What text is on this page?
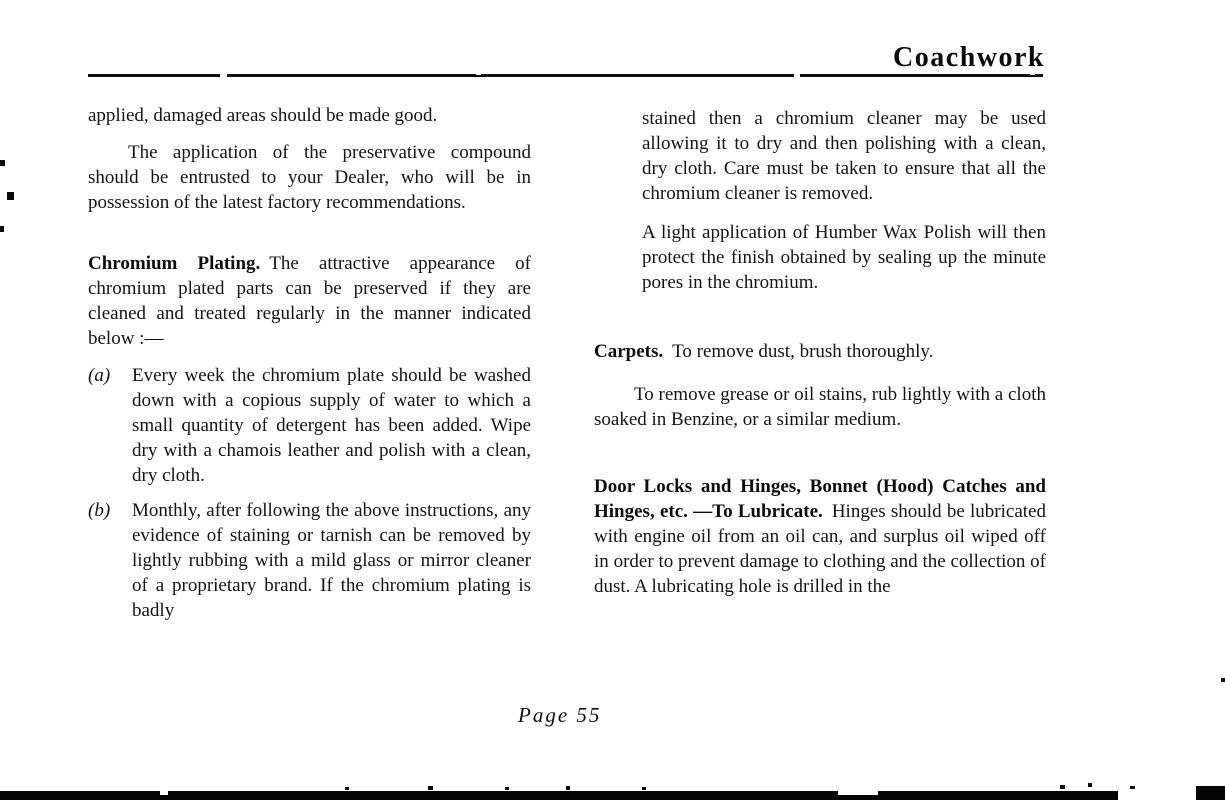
Coachwork

applied, damaged areas should be made good.

The application of the preservative compound should be entrusted to your Dealer, who will be in possession of the latest factory recommendations.

Chromium Plating. The attractive appearance of chromium plated parts can be preserved if they are cleaned and treated regularly in the manner indicated below :—

(a)	Every week the chromium plate should be washed down with a copious supply of water to which a small quantity of detergent has been added. Wipe dry with a chamois leather and polish with a clean, dry cloth.
(b)	Monthly, after following the above instructions, any evidence of staining or tarnish can be removed by lightly rubbing with a mild glass or mirror cleaner of a proprietary brand. If the chromium plating is badly

stained then a chromium cleaner may be used allowing it to dry and then polishing with a clean, dry cloth. Care must be taken to ensure that all the chromium cleaner is removed.

A light application of Humber Wax Polish will then protect the finish obtained by sealing up the minute pores in the chromium.

Carpets. To remove dust, brush thoroughly.

To remove grease or oil stains, rub lightly with a cloth soaked in Benzine, or a similar medium.

Door Locks and Hinges, Bonnet (Hood) Catches and Hinges, etc. —To Lubricate. Hinges should be lubricated with engine oil from an oil can, and surplus oil wiped off in order to prevent damage to clothing and the collection of dust. A lubricating hole is drilled in the

Page 55
